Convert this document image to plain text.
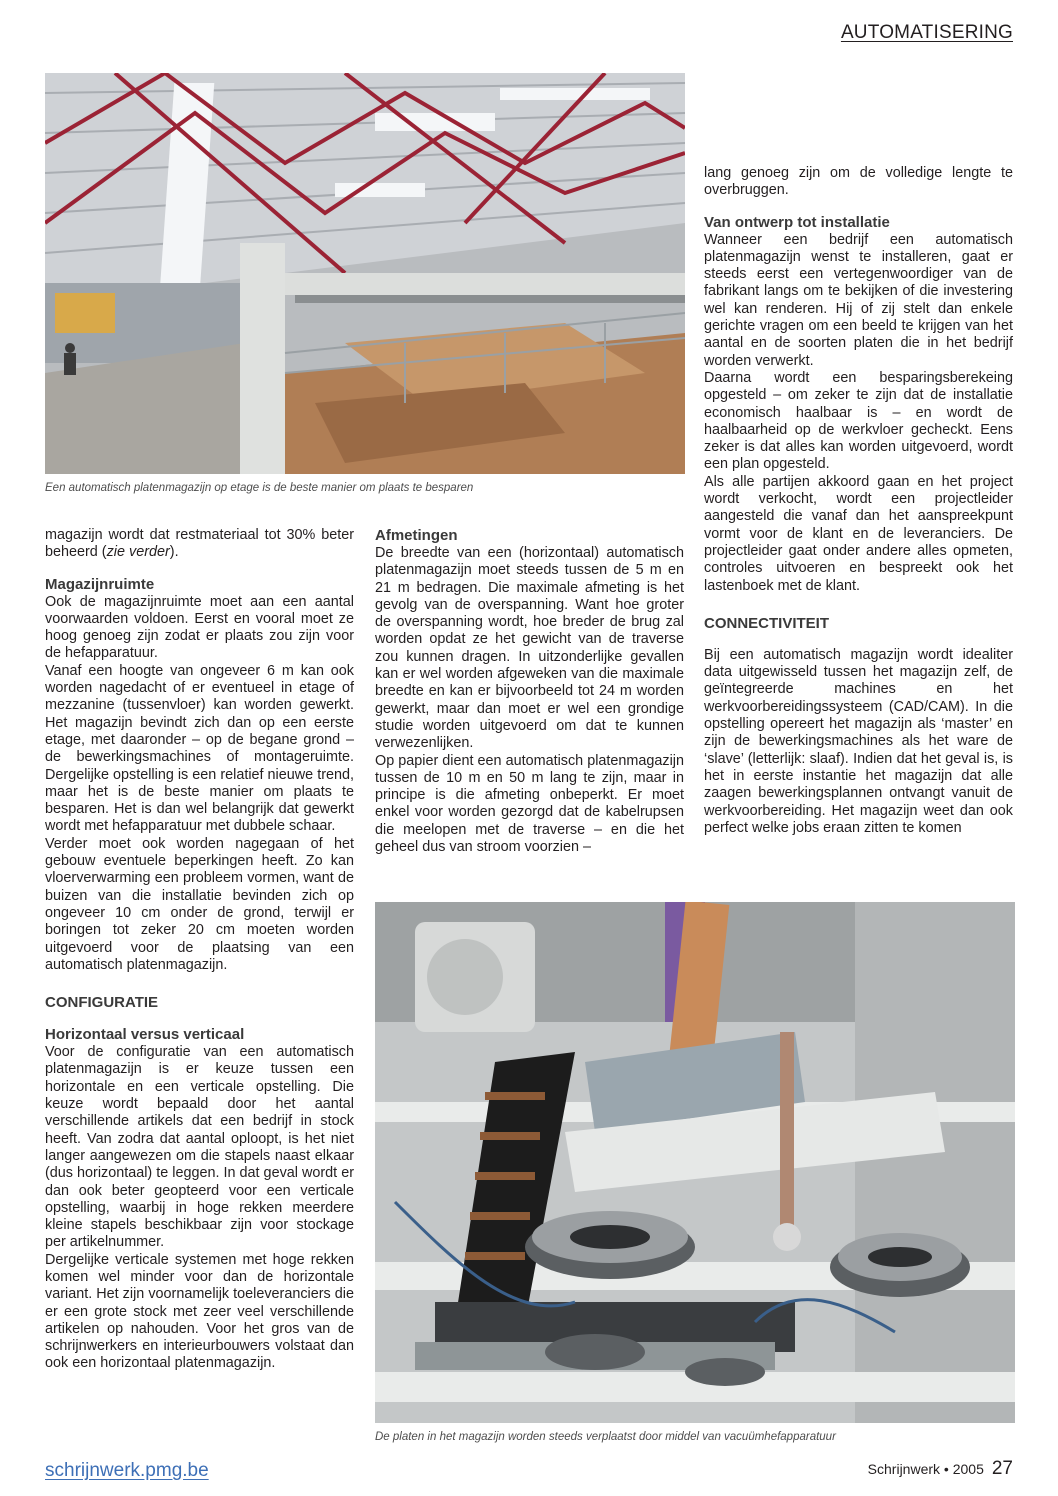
AUTOMATISERING
Een automatisch platenmagazijn op etage is de beste manier om plaats te besparen

magazijn wordt dat restmateriaal tot 30% beter beheerd (zie verder).

Magazijnruimte

Ook de magazijnruimte moet aan een aantal voorwaarden voldoen. Eerst en vooral moet ze hoog genoeg zijn zodat er plaats zou zijn voor de hefapparatuur.

Vanaf een hoogte van ongeveer 6 m kan ook worden nagedacht of er eventueel in etage of mezzanine (tussenvloer) kan worden gewerkt. Het magazijn bevindt zich dan op een eerste etage, met daaronder – op de begane grond – de bewerkingsmachines of montageruimte. Dergelijke opstelling is een relatief nieuwe trend, maar het is de beste manier om plaats te besparen. Het is dan wel belangrijk dat gewerkt wordt met hefapparatuur met dubbele schaar.

Verder moet ook worden nagegaan of het gebouw eventuele beperkingen heeft. Zo kan vloerverwarming een probleem vormen, want de buizen van die installatie bevinden zich op ongeveer 10 cm onder de grond, terwijl er boringen tot zeker 20 cm moeten worden uitgevoerd voor de plaatsing van een automatisch platenmagazijn.

CONFIGURATIE
Horizontaal versus verticaal

Voor de configuratie van een automatisch platenmagazijn is er keuze tussen een horizontale en een verticale opstelling. Die keuze wordt bepaald door het aantal verschillende artikels dat een bedrijf in stock heeft. Van zodra dat aantal oploopt, is het niet langer aangewezen om die stapels naast elkaar (dus horizontaal) te leggen. In dat geval wordt er dan ook beter geopteerd voor een verticale opstelling, waarbij in hoge rekken meerdere kleine stapels beschikbaar zijn voor stockage per artikelnummer.

Dergelijke verticale systemen met hoge rekken komen wel minder voor dan de horizontale variant. Het zijn voornamelijk toeleveranciers die er een grote stock met zeer veel verschillende artikelen op nahouden. Voor het gros van de schrijnwerkers en interieurbouwers volstaat dan ook een horizontaal platenmagazijn.

Afmetingen

De breedte van een (horizontaal) automatisch platenmagazijn moet steeds tussen de 5 m en 21 m bedragen. Die maximale afmeting is het gevolg van de overspanning. Want hoe groter de overspanning wordt, hoe breder de brug zal worden opdat ze het gewicht van de traverse zou kunnen dragen. In uitzonderlijke gevallen kan er wel worden afgeweken van die maximale breedte en kan er bijvoorbeeld tot 24 m worden gewerkt, maar dan moet er wel een grondige studie worden uitgevoerd om dat te kunnen verwezenlijken.

Op papier dient een automatisch platenmagazijn tussen de 10 m en 50 m lang te zijn, maar in principe is die afmeting onbeperkt. Er moet enkel voor worden gezorgd dat de kabelrupsen die meelopen met de traverse – en die het geheel dus van stroom voorzien –

lang genoeg zijn om de volledige lengte te overbruggen.

Van ontwerp tot installatie

Wanneer een bedrijf een automatisch platenmagazijn wenst te installeren, gaat er steeds eerst een vertegenwoordiger van de fabrikant langs om te bekijken of die investering wel kan renderen. Hij of zij stelt dan enkele gerichte vragen om een beeld te krijgen van het aantal en de soorten platen die in het bedrijf worden verwerkt.

Daarna wordt een besparingsberekeing opgesteld – om zeker te zijn dat de installatie economisch haalbaar is – en wordt de haalbaarheid op de werkvloer gecheckt. Eens zeker is dat alles kan worden uitgevoerd, wordt een plan opgesteld.

Als alle partijen akkoord gaan en het project wordt verkocht, wordt een projectleider aangesteld die vanaf dan het aanspreekpunt vormt voor de klant en de leveranciers. De projectleider gaat onder andere alles opmeten, controles uitvoeren en bespreekt ook het lastenboek met de klant.

CONNECTIVITEIT

Bij een automatisch magazijn wordt idealiter data uitgewisseld tussen het magazijn zelf, de geïntegreerde machines en het werkvoorbereidingssysteem (CAD/CAM). In die opstelling opereert het magazijn als ‘master’ en zijn de bewerkingsmachines als het ware de ‘slave’ (letterlijk: slaaf). Indien dat het geval is, is het in eerste instantie het magazijn dat alle zaagen bewerkingsplannen ontvangt vanuit de werkvoorbereiding. Het magazijn weet dan ook perfect welke jobs eraan zitten te komen

De platen in het magazijn worden steeds verplaatst door middel van vacuümhefapparatuur
schrijnwerk.pmg.be	Schrijnwerk • 2005 27
